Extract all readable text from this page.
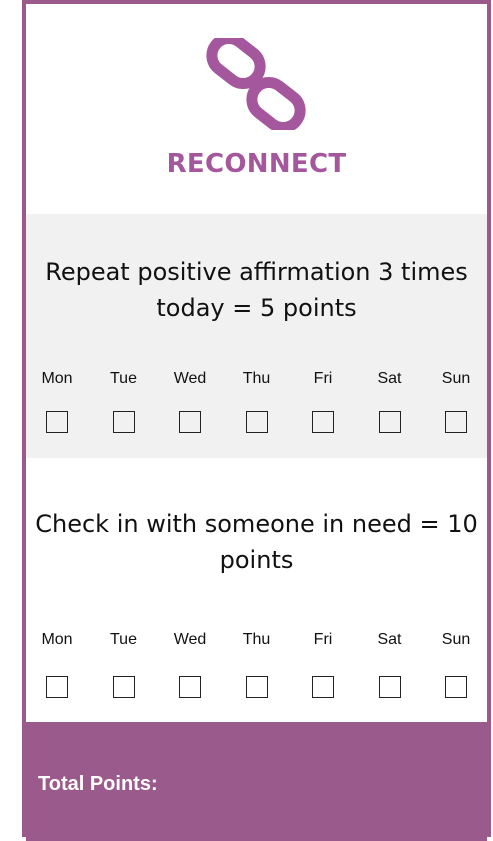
RECONNECT
Repeat positive affirmation 3 times today = 5 points
Mon Tue Wed Thu	Fri	Sat	Sun
Check in with someone in need = 10 points
Mon Tue Wed Thu	Fri	Sat	Sun
Total Points:
